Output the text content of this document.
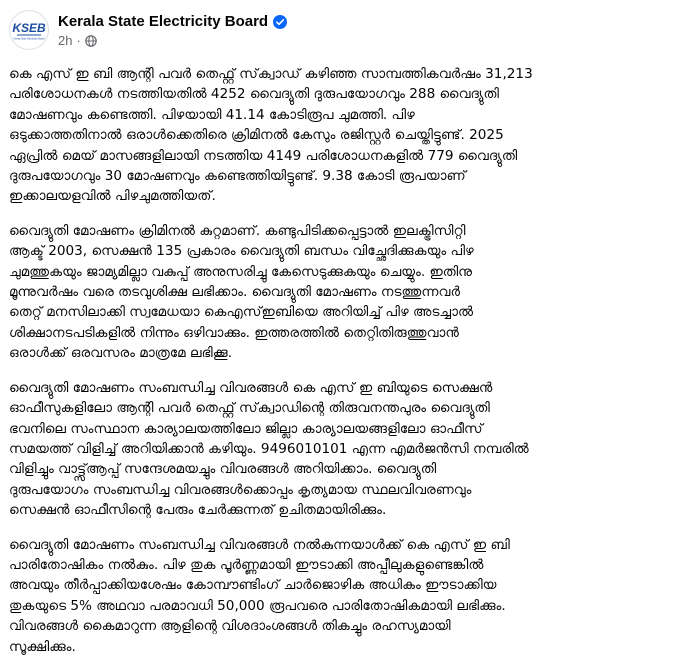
KSEB
Kerala State Electricity Board
Kerala State Electricity Board
2h ·

കെ എസ് ഇ ബി ആന്റി പവർ തെഫ്റ്റ് സ്‌ക്വാഡ് കഴിഞ്ഞ സാമ്പത്തികവർഷം 31,213
പരിശോധനകൾ നടത്തിയതിൽ 4252 വൈദ്യുതി ദുരുപയോഗവും 288 വൈദ്യുതി
മോഷണവും കണ്ടെത്തി. പിഴയായി 41.14 കോടിരൂപ ചുമത്തി. പിഴ
ഒടുക്കാത്തതിനാൽ ഒരാൾക്കെതിരെ ക്രിമിനൽ കേസും രജിസ്റ്റർ ചെയ്തിട്ടുണ്ട്. 2025
ഏപ്രിൽ മെയ് മാസങ്ങളിലായി നടത്തിയ 4149 പരിശോധനകളിൽ 779 വൈദ്യുതി
ദുരുപയോഗവും 30 മോഷണവും കണ്ടെത്തിയിട്ടുണ്ട്. 9.38 കോടി രൂപയാണ്
ഇക്കാലയളവിൽ പിഴചുമത്തിയത്.

വൈദ്യുതി മോഷണം ക്രിമിനൽ കുറ്റമാണ്. കണ്ടുപിടിക്കപ്പെട്ടാൽ ഇലക്ട്രിസിറ്റി
ആക്ട് 2003, സെക്ഷൻ 135 പ്രകാരം വൈദ്യുതി ബന്ധം വിച്ഛേദിക്കുകയും പിഴ
ചുമത്തുകയും ജാമ്യമില്ലാ വകുപ്പ് അനുസരിച്ചു കേസെടുക്കുകയും ചെയ്യും. ഇതിനു
മൂന്നുവർഷം വരെ തടവുശിക്ഷ ലഭിക്കാം. വൈദ്യുതി മോഷണം നടത്തുന്നവർ
തെറ്റ് മനസിലാക്കി സ്വമേധയാ കെഎസ്ഇബിയെ അറിയിച്ച് പിഴ അടച്ചാൽ
ശിക്ഷാനടപടികളിൽ നിന്നും ഒഴിവാക്കും. ഇത്തരത്തിൽ തെറ്റിതിരുത്തുവാൻ
ഒരാൾക്ക് ഒരവസരം മാത്രമേ ലഭിക്കൂ.

വൈദ്യുതി മോഷണം സംബന്ധിച്ച വിവരങ്ങൾ കെ എസ് ഇ ബിയുടെ സെക്ഷൻ
ഓഫീസുകളിലോ ആന്റി പവർ തെഫ്റ്റ് സ്‌ക്വാഡിന്റെ തിരുവനന്തപുരം വൈദ്യുതി
ഭവനിലെ സംസ്ഥാന കാര്യാലയത്തിലോ ജില്ലാ കാര്യാലയങ്ങളിലോ ഓഫീസ്
സമയത്ത് വിളിച്ച് അറിയിക്കാൻ കഴിയും. 9496010101 എന്ന എമർജൻസി നമ്പരിൽ
വിളിച്ചും വാട്ട്സ്ആപ്പ് സന്ദേശമയച്ചും വിവരങ്ങൾ അറിയിക്കാം. വൈദ്യുതി
ദുരുപയോഗം സംബന്ധിച്ച വിവരങ്ങൾക്കൊപ്പം കൃത്യമായ സ്ഥലവിവരണവും
സെക്ഷൻ ഓഫീസിന്റെ പേരും ചേർക്കുന്നത് ഉചിതമായിരിക്കും.

വൈദ്യുതി മോഷണം സംബന്ധിച്ച വിവരങ്ങൾ നൽകുന്നയാൾക്ക് കെ എസ് ഇ ബി
പാരിതോഷികം നൽകും. പിഴ തുക പൂർണ്ണമായി ഈടാക്കി അപ്പീലുകളുണ്ടെങ്കിൽ
അവയും തീർപ്പാക്കിയശേഷം കോമ്പൗണ്ടിംഗ് ചാർജൊഴിക അധികം ഈടാക്കിയ
തുകയുടെ 5% അഥവാ പരമാവധി 50,000 രൂപവരെ പാരിതോഷികമായി ലഭിക്കും.
വിവരങ്ങൾ കൈമാറുന്ന ആളിന്റെ വിശദാംശങ്ങൾ തികച്ചും രഹസ്യമായി
സൂക്ഷിക്കും.
